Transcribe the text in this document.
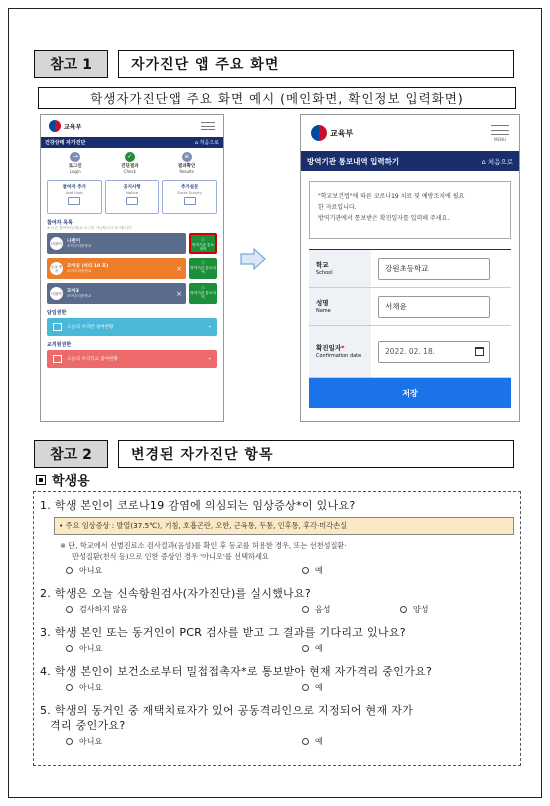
참고 1	자가진단 앱 주요 화면
학생자가진단앱 주요 화면 예시 (메인화면, 확인정보 입력화면)
교육부
건강상태 자가진단	⌂ 처음으로
→
로그인
Login
✓
진단결과
Check
≡
결과확인
Results
참여자 추가
Add User
공지사항
Notice
추가설문
Extra Survey
참여자 목록
※ 다른 참여자(단체)로 로그인 가능합니다 표시합니다
미참여 나편이
모이우리중학교
ⓘ
방역기관 통보내역
등교 중지
모아등 (마타 10 포)
모아우리중학교	×
ⓘ
방역기관 통보내역
미참여 모아3
모아우리중학교	×
ⓘ
방역기관 통보내역
담임권한
오늘의 우리반 참여현황	→
교직원권한
오늘의 우리학교 참여현황	→
교육부
MENU
방역기관 통보내역 입력하기	⌂ 처음으로
"학교보건법"에 따른 코로나19 치료 및 예방조치에 필요
한 자료입니다.
방역기관에서 통보받은 확진일자를 입력해 주세요.
학교
School	강원초등학교
성명
Name	서채윤
확진일자*
Confirmation date	2022. 02. 18.
저장
참고 2	변경된 자가진단 항목
학생용
1. 학생 본인이 코로나19 감염에 의심되는 임상증상*이 있나요?
• 주요 임상증상 : 발열(37.5℃), 기침, 호흡곤란, 오한, 근육통, 두통, 인후통, 후각·미각손실
※ 단, 학교에서 선별진료소 검사결과(음성)를 확인 후 등교를 허용한 경우, 또는 선천성질환·
만성질환(천식 등)으로 인한 증상인 경우 '아니오'를 선택하세요
아니요	예
2. 학생은 오늘 신속항원검사(자가진단)를 실시했나요?
검사하지 않음	음성	양성
3. 학생 본인 또는 동거인이 PCR 검사를 받고 그 결과를 기다리고 있나요?
아니요	예
4. 학생 본인이 보건소로부터 밀접접촉자*로 통보받아 현재 자가격리 중인가요?
아니요	예
5. 학생의 동거인 중 재택치료자가 있어 공동격리인으로 지정되어 현재 자가
격리 중인가요?
아니요	예
